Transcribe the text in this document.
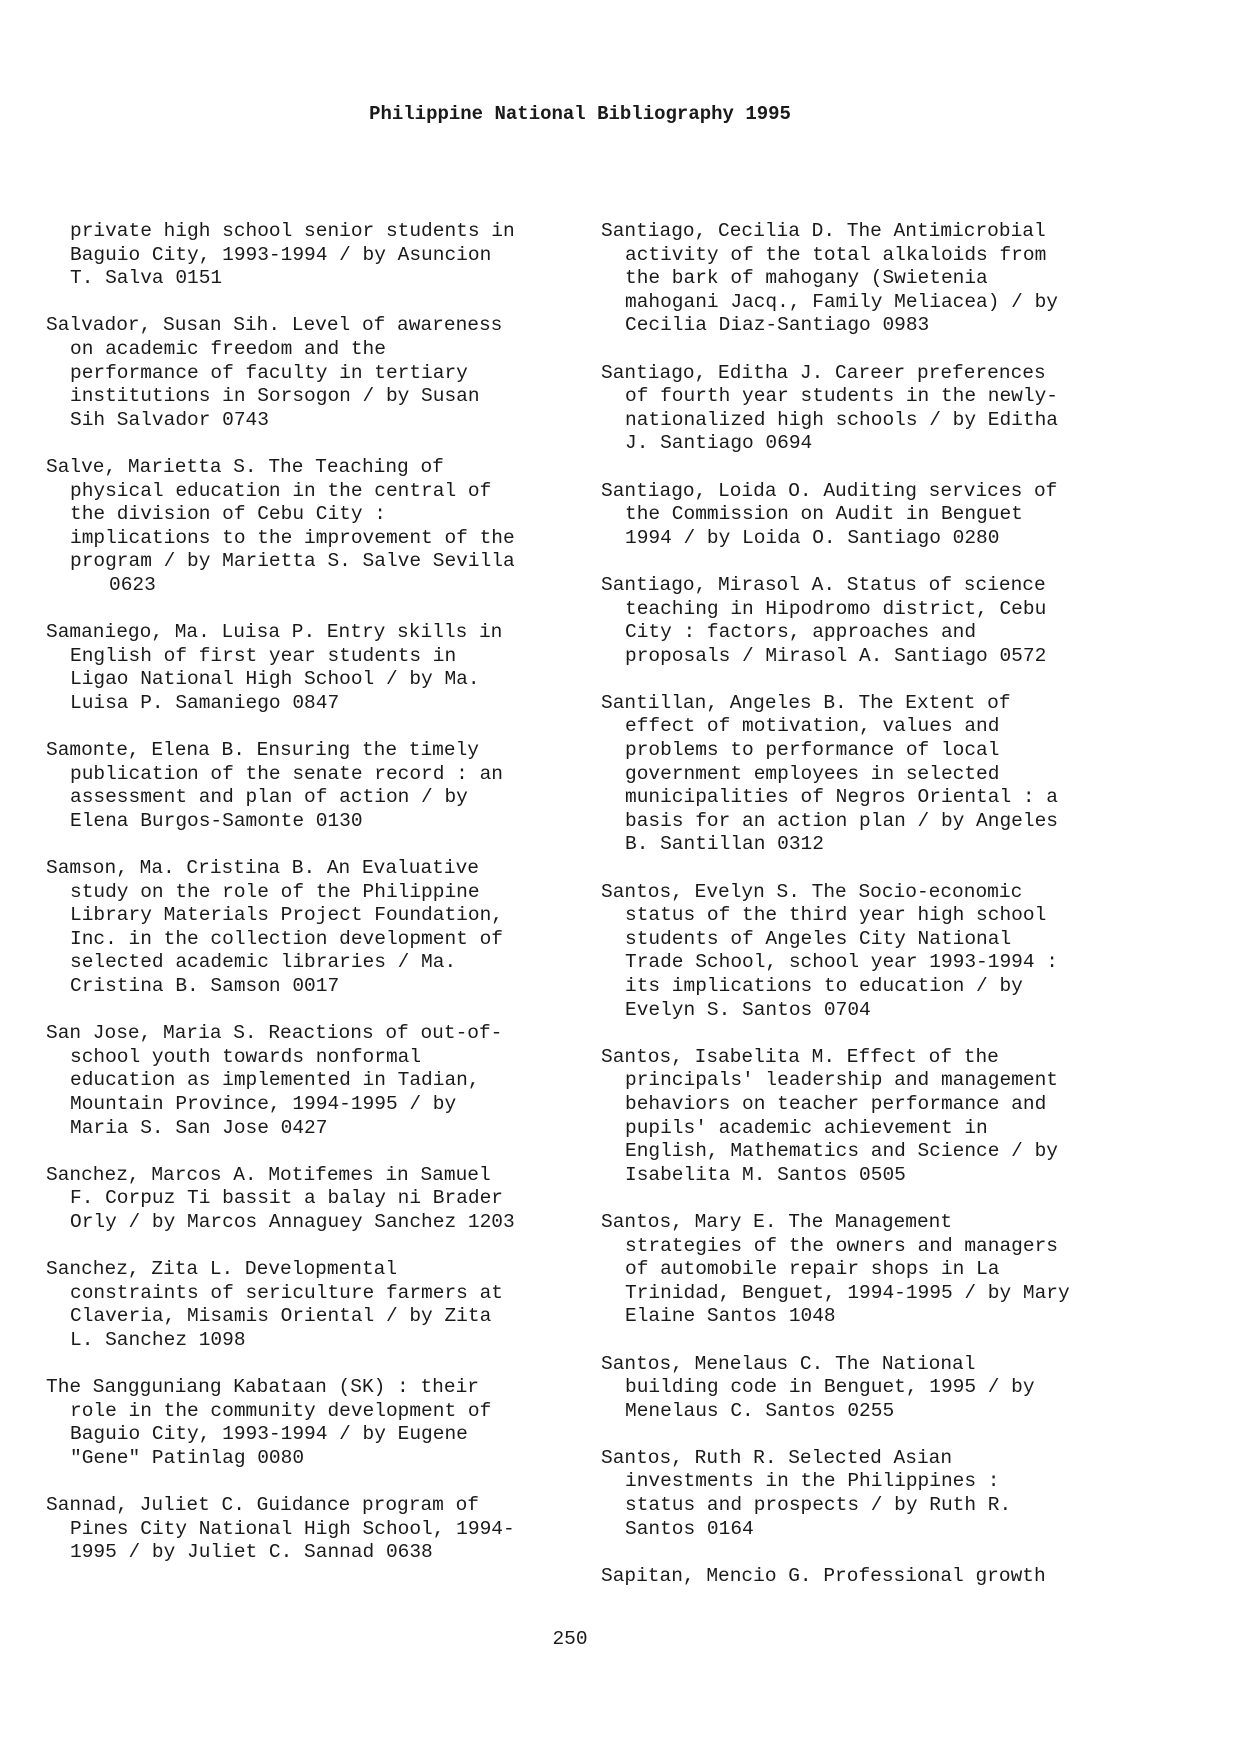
Philippine National Bibliography 1995
private high school senior students in
Baguio City, 1993-1994 / by Asuncion
T. Salva 0151
Salvador, Susan Sih. Level of awareness
on academic freedom and the
performance of faculty in tertiary
institutions in Sorsogon / by Susan
Sih Salvador 0743
Salve, Marietta S. The Teaching of
physical education in the central of
the division of Cebu City :
implications to the improvement of the
program / by Marietta S. Salve Sevilla
0623
Samaniego, Ma. Luisa P. Entry skills in
English of first year students in
Ligao National High School / by Ma.
Luisa P. Samaniego 0847
Samonte, Elena B. Ensuring the timely
publication of the senate record : an
assessment and plan of action / by
Elena Burgos-Samonte 0130
Samson, Ma. Cristina B. An Evaluative
study on the role of the Philippine
Library Materials Project Foundation,
Inc. in the collection development of
selected academic libraries / Ma.
Cristina B. Samson 0017
San Jose, Maria S. Reactions of out-of-
school youth towards nonformal
education as implemented in Tadian,
Mountain Province, 1994-1995 / by
Maria S. San Jose 0427
Sanchez, Marcos A. Motifemes in Samuel
F. Corpuz Ti bassit a balay ni Brader
Orly / by Marcos Annaguey Sanchez 1203
Sanchez, Zita L. Developmental
constraints of sericulture farmers at
Claveria, Misamis Oriental / by Zita
L. Sanchez 1098
The Sangguniang Kabataan (SK) : their
role in the community development of
Baguio City, 1993-1994 / by Eugene
"Gene" Patinlag 0080
Sannad, Juliet C. Guidance program of
Pines City National High School, 1994-
1995 / by Juliet C. Sannad 0638
Santiago, Cecilia D. The Antimicrobial
activity of the total alkaloids from
the bark of mahogany (Swietenia
mahogani Jacq., Family Meliacea) / by
Cecilia Diaz-Santiago 0983
Santiago, Editha J. Career preferences
of fourth year students in the newly-
nationalized high schools / by Editha
J. Santiago 0694
Santiago, Loida O. Auditing services of
the Commission on Audit in Benguet
1994 / by Loida O. Santiago 0280
Santiago, Mirasol A. Status of science
teaching in Hipodromo district, Cebu
City : factors, approaches and
proposals / Mirasol A. Santiago 0572
Santillan, Angeles B. The Extent of
effect of motivation, values and
problems to performance of local
government employees in selected
municipalities of Negros Oriental : a
basis for an action plan / by Angeles
B. Santillan 0312
Santos, Evelyn S. The Socio-economic
status of the third year high school
students of Angeles City National
Trade School, school year 1993-1994 :
its implications to education / by
Evelyn S. Santos 0704
Santos, Isabelita M. Effect of the
principals' leadership and management
behaviors on teacher performance and
pupils' academic achievement in
English, Mathematics and Science / by
Isabelita M. Santos 0505
Santos, Mary E. The Management
strategies of the owners and managers
of automobile repair shops in La
Trinidad, Benguet, 1994-1995 / by Mary
Elaine Santos 1048
Santos, Menelaus C. The National
building code in Benguet, 1995 / by
Menelaus C. Santos 0255
Santos, Ruth R. Selected Asian
investments in the Philippines :
status and prospects / by Ruth R.
Santos 0164
Sapitan, Mencio G. Professional growth
250
